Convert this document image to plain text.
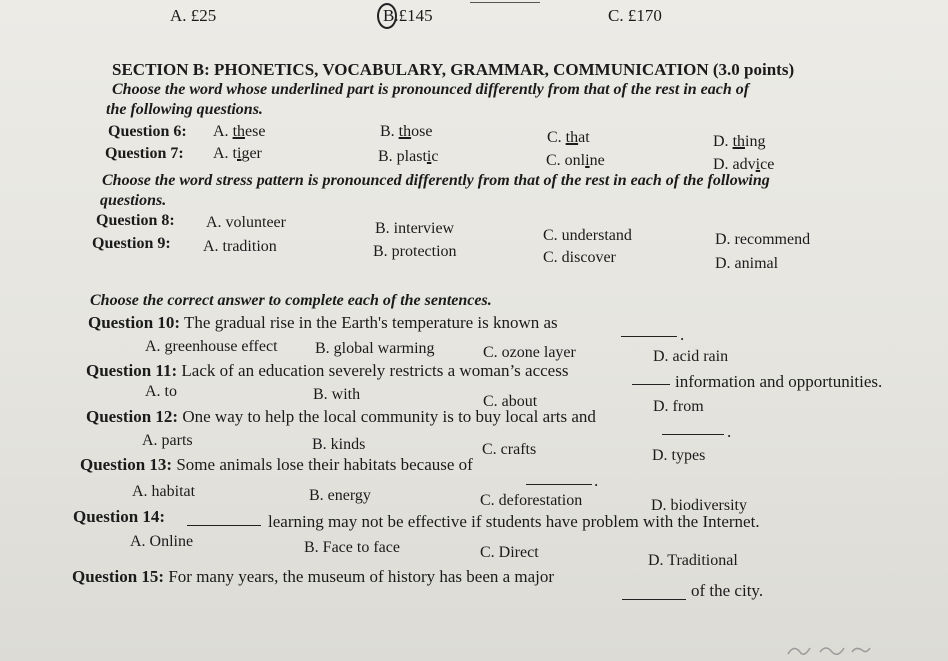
A. £25	B.£145	C. £170
SECTION B: PHONETICS, VOCABULARY, GRAMMAR, COMMUNICATION (3.0 points)
Choose the word whose underlined part is pronounced differently from that of the rest in each of
the following questions.
Question 6: A. these	B. those	C. that	D. thing
Question 7: A. tiger	B. plastic	C. online	D. advice
Choose the word stress pattern is pronounced differently from that of the rest in each of the following
questions.
Question 8: A. volunteer	B. interview	C. understand	D. recommend
Question 9: A. tradition	B. protection	C. discover	D. animal
Choose the correct answer to complete each of the sentences.
Question 10: The gradual rise in the Earth's temperature is known as
.
A. greenhouse effect B. global warming	C. ozone layer	D. acid rain
Question 11: Lack of an education severely restricts a woman’s access
information and opportunities.
A. to	B. with	C. about	D. from
Question 12: One way to help the local community is to buy local arts and
.
A. parts	B. kinds	C. crafts	D. types
Question 13: Some animals lose their habitats because of
.
A. habitat	B. energy	C. deforestation	D. biodiversity
Question 14:	learning may not be effective if students have problem with the Internet.
A. Online	B. Face to face	C. Direct	D. Traditional
Question 15: For many years, the museum of history has been a major
of the city.
